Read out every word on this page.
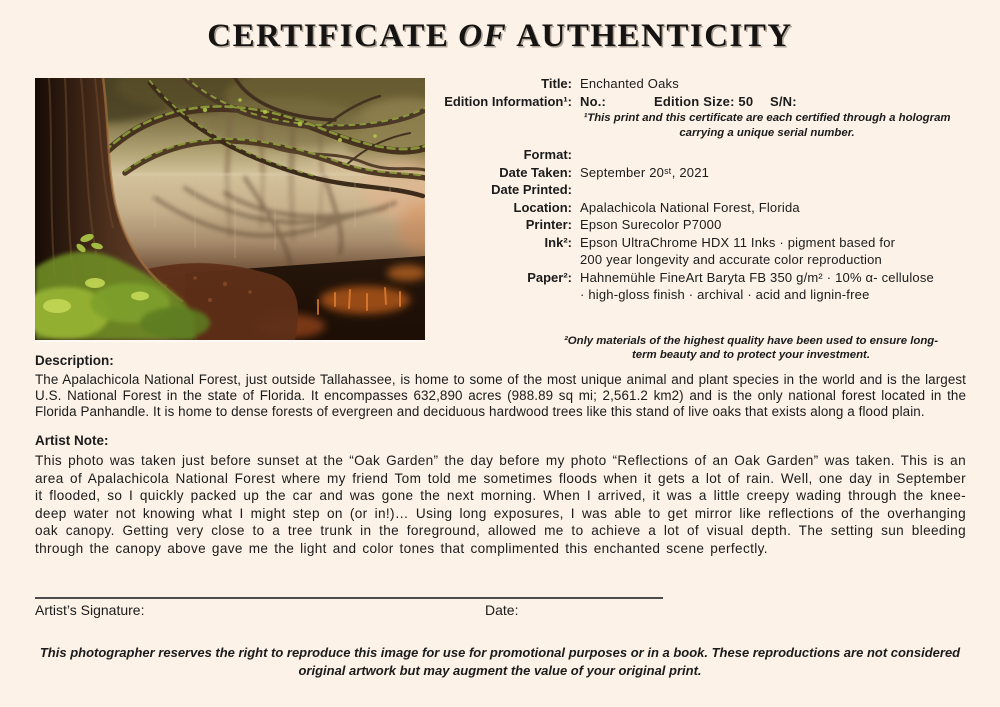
CERTIFICATE OF AUTHENTICITY
Title: Enchanted Oaks
Edition Information¹: No.:	Edition Size: 50	S/N:
¹This print and this certificate are each certified through a hologram carrying a unique serial number.
Format:
Date Taken: September 20ˢᵗ, 2021
Date Printed:
Location: Apalachicola National Forest, Florida
Printer: Epson Surecolor P7000
Ink²: Epson UltraChrome HDX 11 Inks · pigment based for
200 year longevity and accurate color reproduction
Paper²: Hahnemühle FineArt Baryta FB 350 g/m² · 10% α- cellulose
· high-gloss finish · archival · acid and lignin-free
²Only materials of the highest quality have been used to ensure long-term beauty and to protect your investment.
Description:
The Apalachicola National Forest, just outside Tallahassee, is home to some of the most unique animal and plant species in the world and is the largest U.S. National Forest in the state of Florida. It encompasses 632,890 acres (988.89 sq mi; 2,561.2 km2) and is the only national forest located in the Florida Panhandle. It is home to dense forests of evergreen and deciduous hardwood trees like this stand of live oaks that exists along a flood plain.
Artist Note:
This photo was taken just before sunset at the “Oak Garden” the day before my photo “Reflections of an Oak Garden” was taken. This is an area of Apalachicola National Forest where my friend Tom told me sometimes floods when it gets a lot of rain. Well, one day in September it flooded, so I quickly packed up the car and was gone the next morning. When I arrived, it was a little creepy wading through the knee-deep water not knowing what I might step on (or in!)… Using long exposures, I was able to get mirror like reflections of the overhanging oak canopy. Getting very close to a tree trunk in the foreground, allowed me to achieve a lot of visual depth. The setting sun bleeding through the canopy above gave me the light and color tones that complimented this enchanted scene perfectly.
Artist’s Signature:	Date:
This photographer reserves the right to reproduce this image for use for promotional purposes or in a book. These reproductions are not considered original artwork but may augment the value of your original print.
